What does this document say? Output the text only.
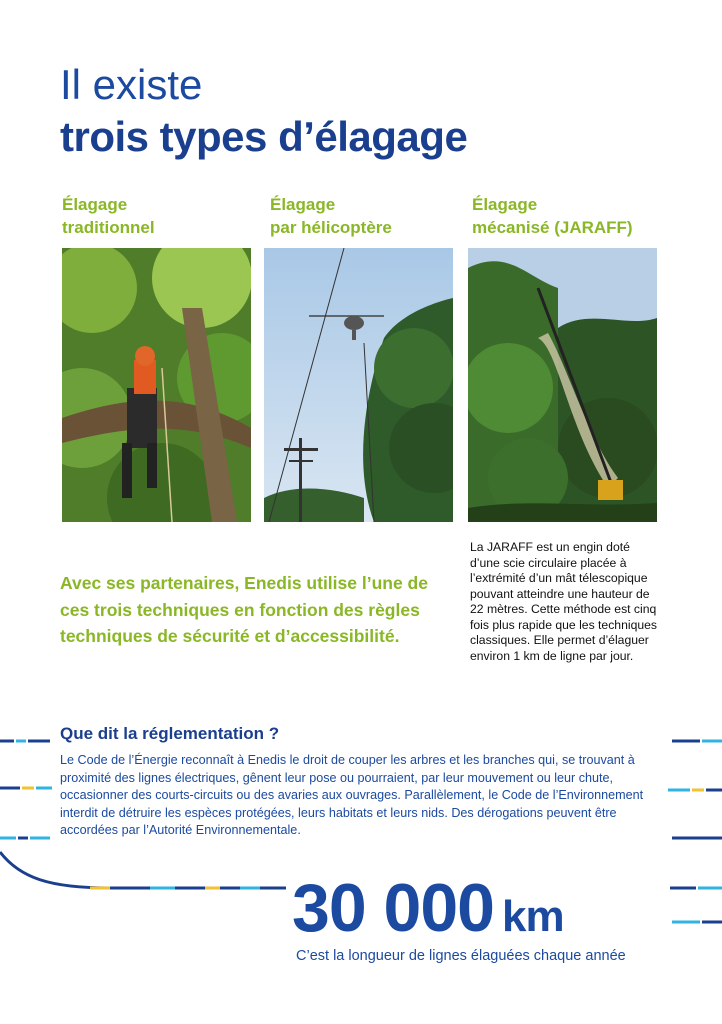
Il existe
trois types d’élagage
Élagage
traditionnel
Élagage
par hélicoptère
Élagage
mécanisé (JARAFF)
Avec ses partenaires, Enedis utilise l’une de ces trois techniques en fonction des règles techniques de sécurité et d’accessibilité.
La JARAFF est un engin doté d’une scie circulaire placée à l’extrémité d’un mât télescopique pouvant atteindre une hauteur de 22 mètres. Cette méthode est cinq fois plus rapide que les techniques classiques. Elle permet d’élaguer environ 1 km de ligne par jour.
Que dit la réglementation ?
Le Code de l’Énergie reconnaît à Enedis le droit de couper les arbres et les branches qui, se trouvant à proximité des lignes électriques, gênent leur pose ou pourraient, par leur mouvement ou leur chute, occasionner des courts-circuits ou des avaries aux ouvrages. Parallèlement, le Code de l’Environnement interdit de détruire les espèces protégées, leurs habitats et leurs nids. Des dérogations peuvent être accordées par l’Autorité Environnementale.
30 000 km
C’est la longueur de lignes élaguées chaque année
